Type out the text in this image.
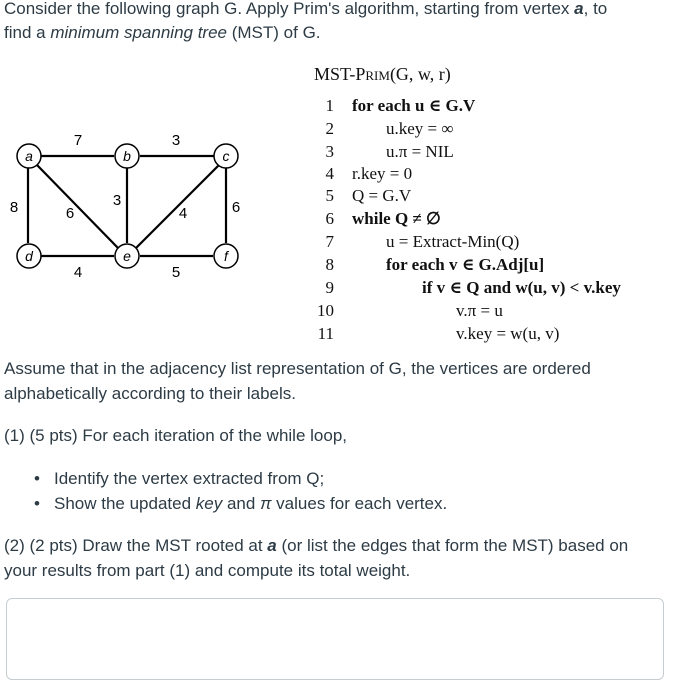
Consider the following graph G. Apply Prim's algorithm, starting from vertex a, to
find a minimum spanning tree (MST) of G.

a	b	c
d	e	f
7	3
8	6
3
4	6
4	5
MST-Prim(G, w, r)
1 for each u ∈ G.V
2	u.key = ∞
3	u.π = NIL
4 r.key = 0
5 Q = G.V
6 while Q ≠ ∅
7	u = Extract-Min(Q)
8	for each v ∈ G.Adj[u]
9	if v ∈ Q and w(u, v) < v.key
10	v.π = u
11	v.key = w(u, v)

Assume that in the adjacency list representation of G, the vertices are ordered
alphabetically according to their labels.

(1) (5 pts) For each iteration of the while loop,

• Identify the vertex extracted from Q;
• Show the updated key and π values for each vertex.

(2) (2 pts) Draw the MST rooted at a (or list the edges that form the MST) based on
your results from part (1) and compute its total weight.
